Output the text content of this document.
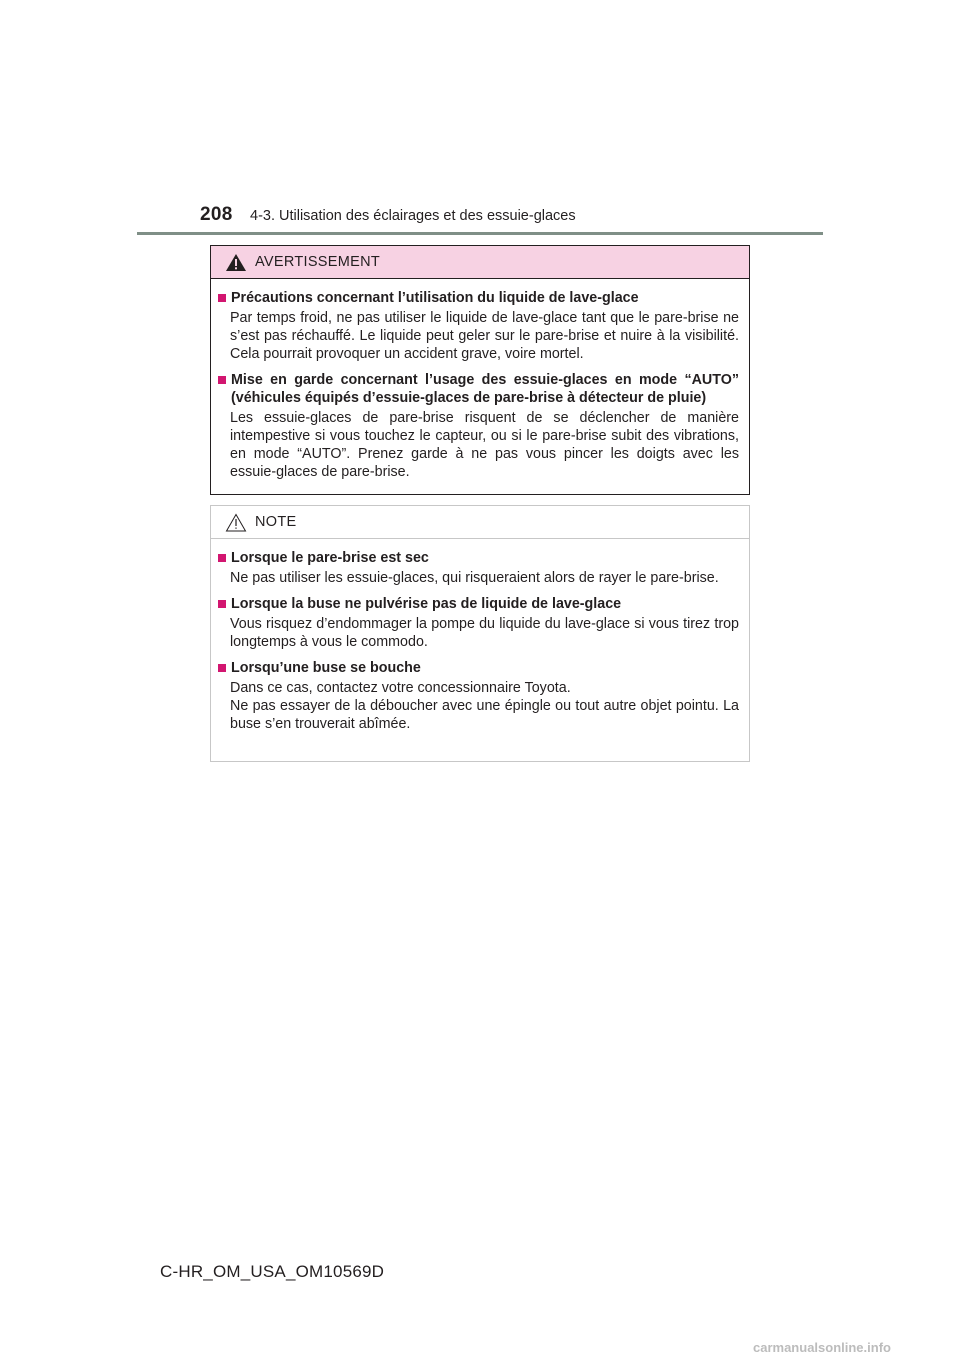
208 4-3. Utilisation des éclairages et des essuie-glaces
AVERTISSEMENT
Précautions concernant l’utilisation du liquide de lave-glace
Par temps froid, ne pas utiliser le liquide de lave-glace tant que le pare-brise ne s’est pas réchauffé. Le liquide peut geler sur le pare-brise et nuire à la visibilité. Cela pourrait provoquer un accident grave, voire mortel.
Mise en garde concernant l’usage des essuie-glaces en mode “AUTO” (véhicules équipés d’essuie-glaces de pare-brise à détecteur de pluie)
Les essuie-glaces de pare-brise risquent de se déclencher de manière intempestive si vous touchez le capteur, ou si le pare-brise subit des vibrations, en mode “AUTO”. Prenez garde à ne pas vous pincer les doigts avec les essuie-glaces de pare-brise.
NOTE
Lorsque le pare-brise est sec
Ne pas utiliser les essuie-glaces, qui risqueraient alors de rayer le pare-brise.
Lorsque la buse ne pulvérise pas de liquide de lave-glace
Vous risquez d’endommager la pompe du liquide du lave-glace si vous tirez trop longtemps à vous le commodo.
Lorsqu’une buse se bouche

Dans ce cas, contactez votre concessionnaire Toyota.

Ne pas essayer de la déboucher avec une épingle ou tout autre objet pointu. La buse s’en trouverait abîmée.

C-HR_OM_USA_OM10569D
carmanualsonline.info
